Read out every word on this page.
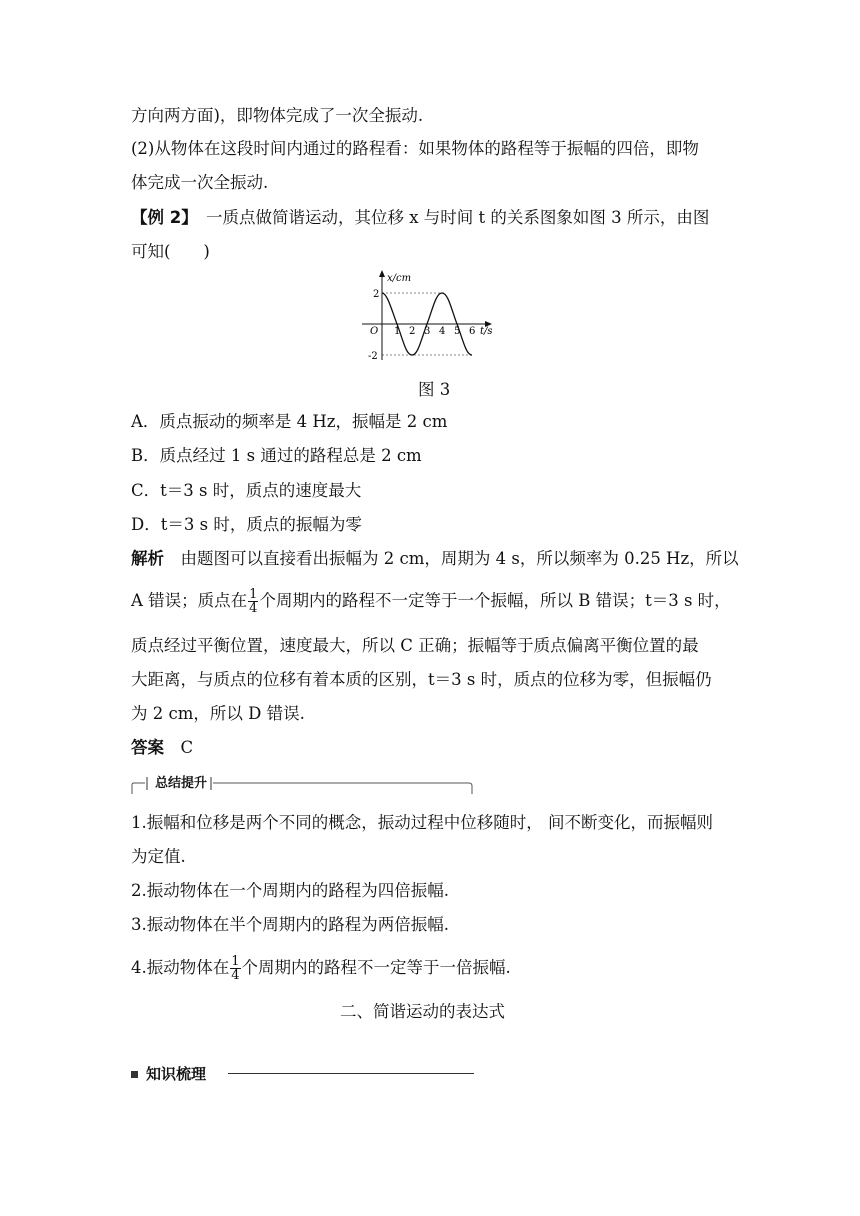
方向两方面)，即物体完成了一次全振动.
(2)从物体在这段时间内通过的路程看：如果物体的路程等于振幅的四倍，即物
体完成一次全振动.
【例 2】　 一质点做简谐运动，其位移 x 与时间 t 的关系图象如图 3 所示，由图
可知(　　)
x/cm
t/s
O
2
-2
1 2 3 4 5 6
图 3
A．质点振动的频率是 4 Hz，振幅是 2 cm
B．质点经过 1 s 通过的路程总是 2 cm
C．t＝3 s 时，质点的速度最大
D．t＝3 s 时，质点的振幅为零
解析　 由题图可以直接看出振幅为 2 cm，周期为 4 s，所以频率为 0.25 Hz，所以
A 错误；质点在 $\frac{1}{4}$ 个周期内的路程不一定等于一个振幅，所以 B 错误；t＝3 s 时，
质点经过平衡位置，速度最大，所以 C 正确；振幅等于质点偏离平衡位置的最
大距离，与质点的位移有着本质的区别，t＝3 s 时，质点的位移为零，但振幅仍
为 2 cm，所以 D 错误.
答案　 C
总结提升
1.振幅和位移是两个不同的概念，振动过程中位移随时， 间不断变化，而振幅则
为定值.
2.振动物体在一个周期内的路程为四倍振幅.
3.振动物体在半个周期内的路程为两倍振幅.
4.振动物体在 $\frac{1}{4}$ 个周期内的路程不一定等于一倍振幅.
二、简谐运动的表达式
知识梳理
